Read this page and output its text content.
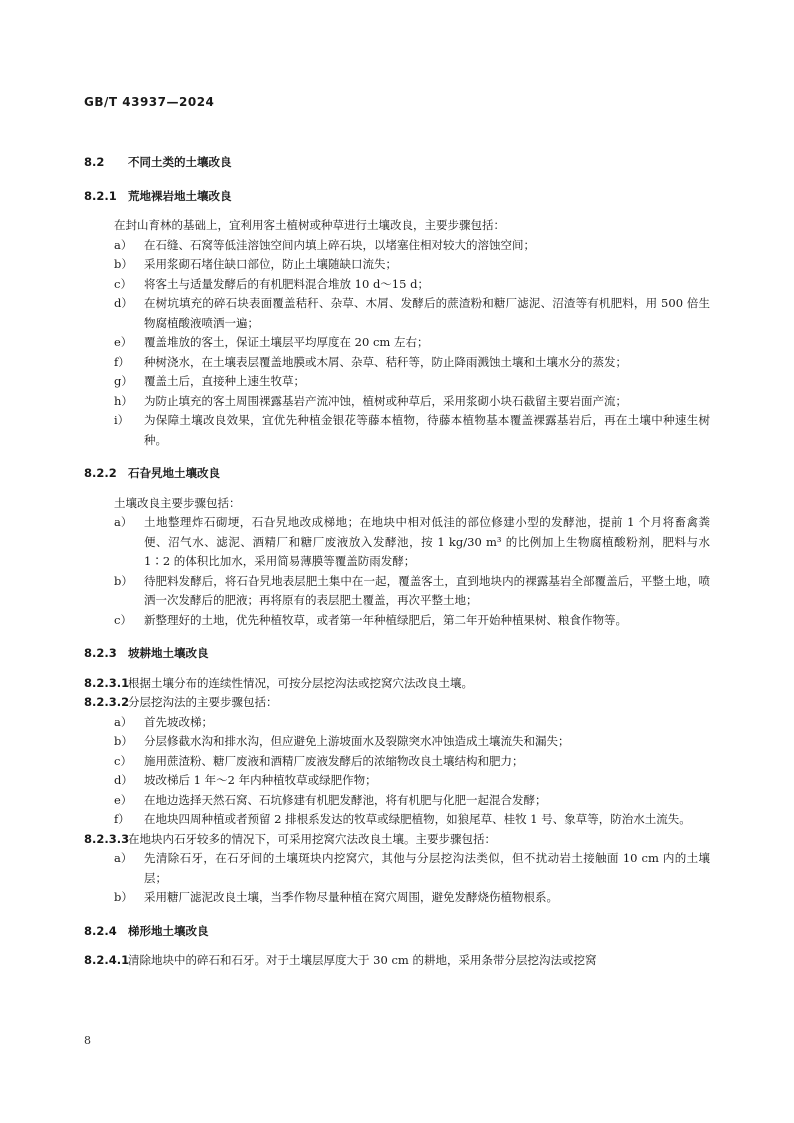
GB/T 43937—2024
8.2	不同土类的土壤改良
8.2.1 荒地裸岩地土壤改良
在封山育林的基础上，宜利用客土植树或种草进行土壤改良，主要步骤包括：
a）	在石缝、石窝等低洼溶蚀空间内填上碎石块，以堵塞住相对较大的溶蚀空间；
b） 采用浆砌石堵住缺口部位，防止土壤随缺口流失；
c）	将客土与适量发酵后的有机肥料混合堆放 10 d～15 d；
d） 在树坑填充的碎石块表面覆盖秸秆、杂草、木屑、发酵后的蔗渣粉和糖厂滤泥、沼渣等有机肥料，用 500 倍生物腐植酸液喷洒一遍；
e）	覆盖堆放的客土，保证土壤层平均厚度在 20 cm 左右；
f）	种树浇水，在土壤表层覆盖地膜或木屑、杂草、秸秆等，防止降雨溅蚀土壤和土壤水分的蒸发；
g） 覆盖土后，直接种上速生牧草；
h） 为防止填充的客土周围裸露基岩产流冲蚀，植树或种草后，采用浆砌小块石截留主要岩面产流；
i）	为保障土壤改良效果，宜优先种植金银花等藤本植物，待藤本植物基本覆盖裸露基岩后，再在土壤中种速生树种。
8.2.2 石旮旯地土壤改良
土壤改良主要步骤包括：
a）	土地整理炸石砌埂，石旮旯地改成梯地；在地块中相对低洼的部位修建小型的发酵池，提前 1 个月将畜禽粪便、沼气水、滤泥、酒精厂和糖厂废液放入发酵池，按 1 kg/30 m³ 的比例加上生物腐植酸粉剂，肥料与水 1∶2 的体积比加水，采用简易薄膜等覆盖防雨发酵；
b） 待肥料发酵后，将石旮旯地表层肥土集中在一起，覆盖客土，直到地块内的裸露基岩全部覆盖后，平整土地，喷洒一次发酵后的肥液；再将原有的表层肥土覆盖，再次平整土地；
c）	新整理好的土地，优先种植牧草，或者第一年种植绿肥后，第二年开始种植果树、粮食作物等。
8.2.3 坡耕地土壤改良
8.2.3.1
根据土壤分布的连续性情况，可按分层挖沟法或挖窝穴法改良土壤。
8.2.3.2
分层挖沟法的主要步骤包括：
a）	首先坡改梯；
b） 分层修截水沟和排水沟，但应避免上游坡面水及裂隙突水冲蚀造成土壤流失和漏失；
c）	施用蔗渣粉、糖厂废液和酒精厂废液发酵后的浓缩物改良土壤结构和肥力；
d） 坡改梯后 1 年～2 年内种植牧草或绿肥作物；
e）	在地边选择天然石窝、石坑修建有机肥发酵池，将有机肥与化肥一起混合发酵；
f）	在地块四周种植或者预留 2 排根系发达的牧草或绿肥植物，如狼尾草、桂牧 1 号、象草等，防治水土流失。
8.2.3.3
在地块内石牙较多的情况下，可采用挖窝穴法改良土壤。主要步骤包括：
a）	先清除石牙，在石牙间的土壤斑块内挖窝穴，其他与分层挖沟法类似，但不扰动岩土接触面 10 cm 内的土壤层；
b） 采用糖厂滤泥改良土壤，当季作物尽量种植在窝穴周围，避免发酵烧伤植物根系。
8.2.4 梯形地土壤改良
8.2.4.1
清除地块中的碎石和石牙。对于土壤层厚度大于 30 cm 的耕地，采用条带分层挖沟法或挖窝
8
